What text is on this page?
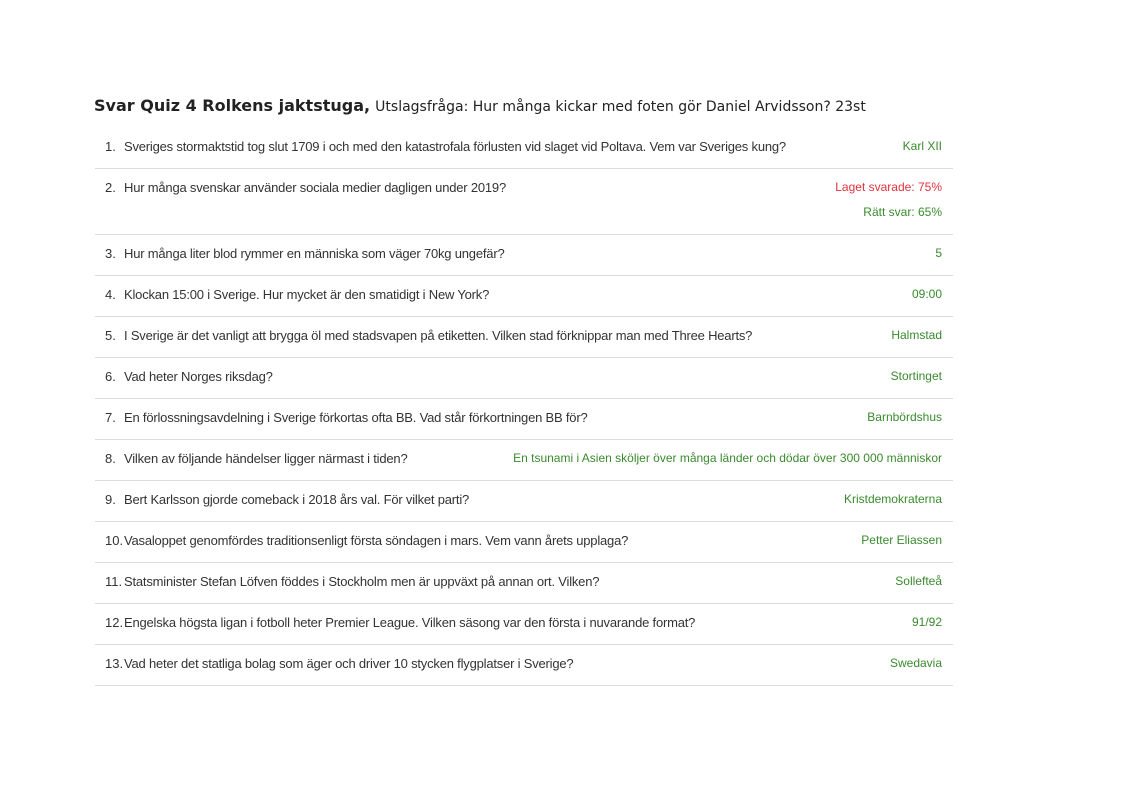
Svar Quiz 4 Rolkens jaktstuga, Utslagsfråga: Hur många kickar med foten gör Daniel Arvidsson? 23st
1. Sveriges stormaktstid tog slut 1709 i och med den katastrofala förlusten vid slaget vid Poltava. Vem var Sveriges kung?	Karl XII
2. Hur många svenskar använder sociala medier dagligen under 2019?	Laget svarade: 75%
Rätt svar: 65%
3. Hur många liter blod rymmer en människa som väger 70kg ungefär?	5
4. Klockan 15:00 i Sverige. Hur mycket är den smatidigt i New York?	09:00
5. I Sverige är det vanligt att brygga öl med stadsvapen på etiketten. Vilken stad förknippar man med Three Hearts?	Halmstad
6. Vad heter Norges riksdag?	Stortinget
7. En förlossningsavdelning i Sverige förkortas ofta BB. Vad står förkortningen BB för?	Barnbördshus
8. Vilken av följande händelser ligger närmast i tiden?	En tsunami i Asien sköljer över många länder och dödar över 300 000 människor
9. Bert Karlsson gjorde comeback i 2018 års val. För vilket parti?	Kristdemokraterna
10. Vasaloppet genomfördes traditionsenligt första söndagen i mars. Vem vann årets upplaga?	Petter Eliassen
11. Statsminister Stefan Löfven föddes i Stockholm men är uppväxt på annan ort. Vilken?	Sollefteå
12. Engelska högsta ligan i fotboll heter Premier League. Vilken säsong var den första i nuvarande format?	91/92
13. Vad heter det statliga bolag som äger och driver 10 stycken flygplatser i Sverige?	Swedavia
